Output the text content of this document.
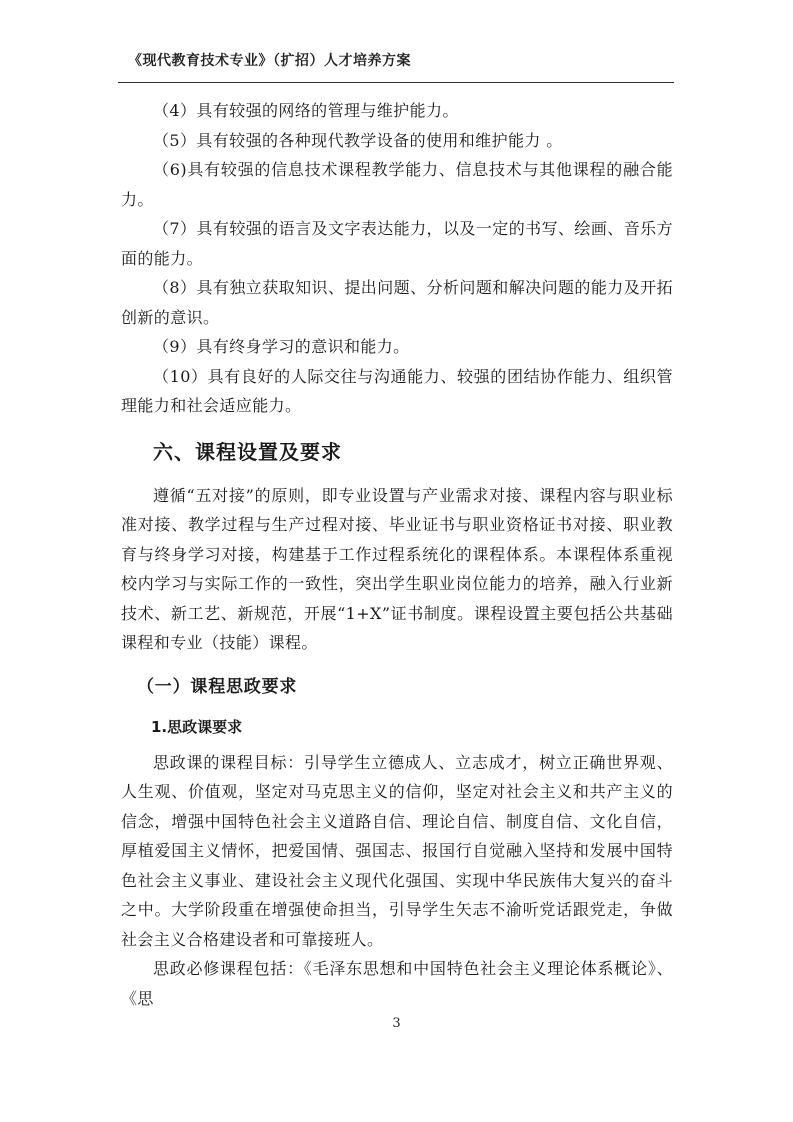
《现代教育技术专业》（扩招）人才培养方案

（4）具有较强的网络的管理与维护能力。

（5）具有较强的各种现代教学设备的使用和维护能力 。

（6)具有较强的信息技术课程教学能力、信息技术与其他课程的融合能力。

（7）具有较强的语言及文字表达能力，以及一定的书写、绘画、音乐方面的能力。

（8）具有独立获取知识、提出问题、分析问题和解决问题的能力及开拓创新的意识。

（9）具有终身学习的意识和能力。

（10）具有良好的人际交往与沟通能力、较强的团结协作能力、组织管理能力和社会适应能力。

六、课程设置及要求

遵循“五对接”的原则，即专业设置与产业需求对接、课程内容与职业标准对接、教学过程与生产过程对接、毕业证书与职业资格证书对接、职业教育与终身学习对接，构建基于工作过程系统化的课程体系。本课程体系重视校内学习与实际工作的一致性，突出学生职业岗位能力的培养，融入行业新技术、新工艺、新规范，开展“1+X”证书制度。课程设置主要包括公共基础课程和专业（技能）课程。

（一）课程思政要求
1.思政课要求

思政课的课程目标：引导学生立德成人、立志成才，树立正确世界观、人生观、价值观，坚定对马克思主义的信仰，坚定对社会主义和共产主义的信念，增强中国特色社会主义道路自信、理论自信、制度自信、文化自信，厚植爱国主义情怀，把爱国情、强国志、报国行自觉融入坚持和发展中国特色社会主义事业、建设社会主义现代化强国、实现中华民族伟大复兴的奋斗之中。大学阶段重在增强使命担当，引导学生矢志不渝听党话跟党走，争做社会主义合格建设者和可靠接班人。

思政必修课程包括：《毛泽东思想和中国特色社会主义理论体系概论》、《思

3
